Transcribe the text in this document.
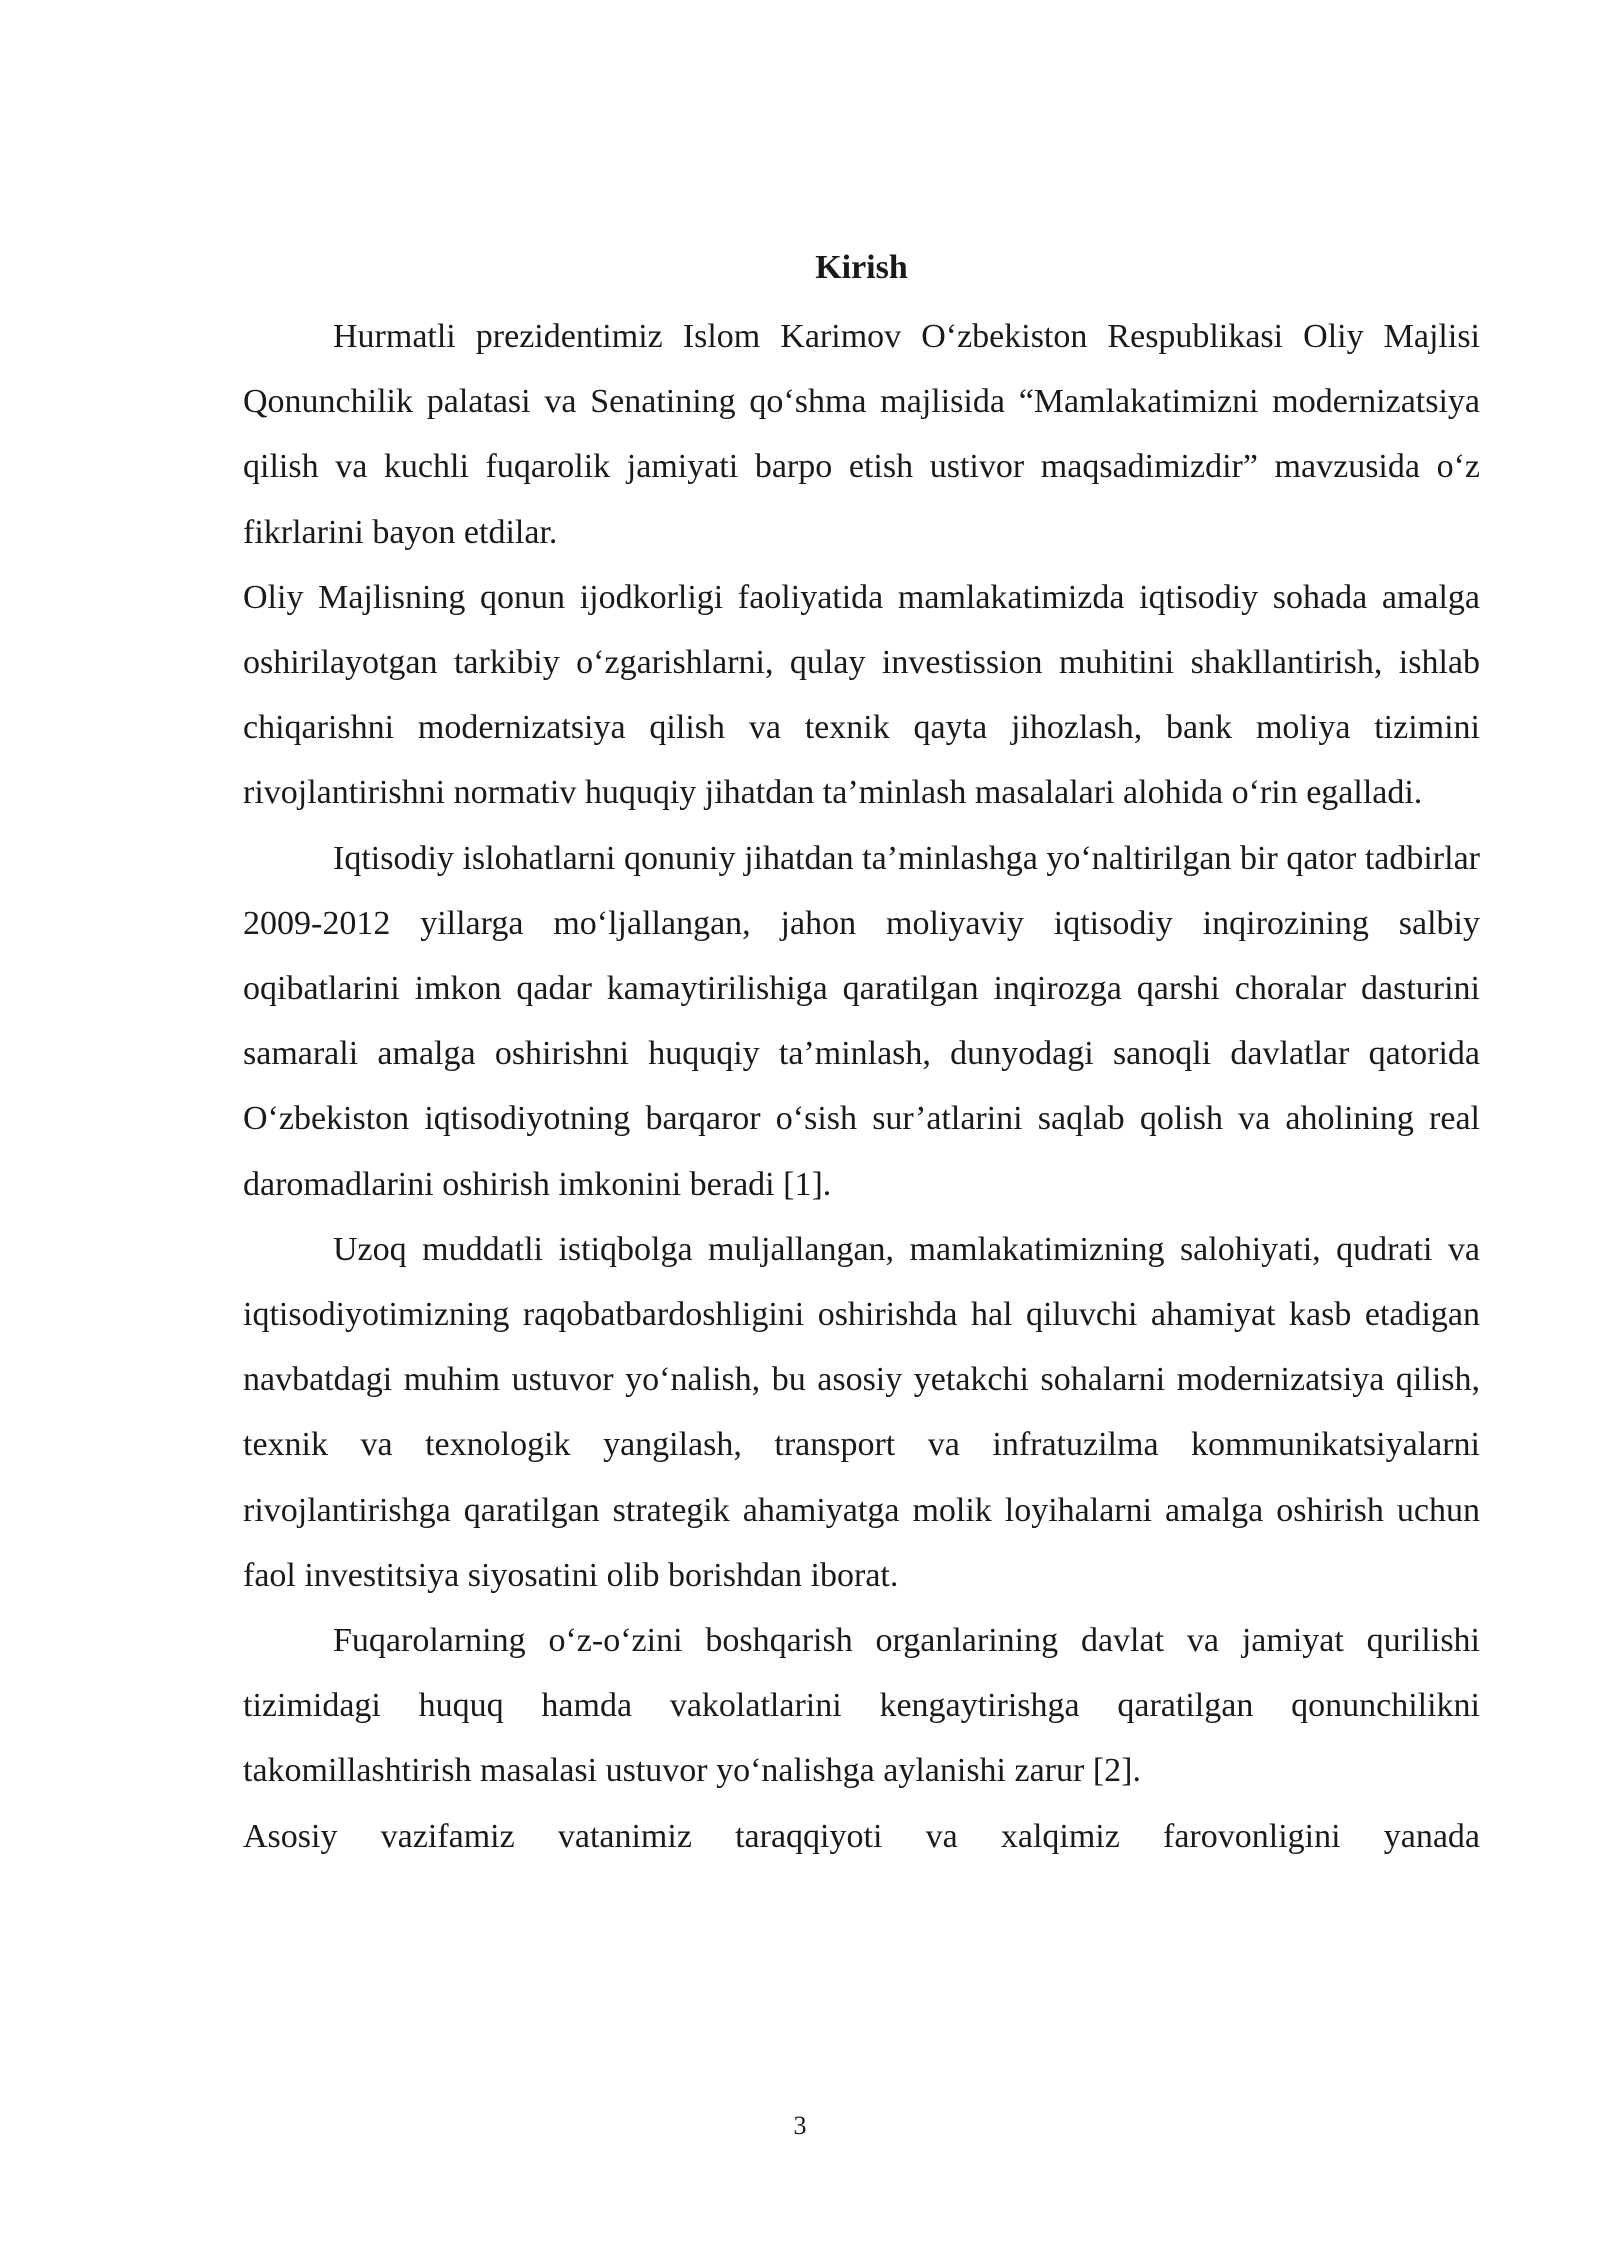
Kirish

Hurmatli prezidentimiz Islom Karimov O‘zbekiston Respublikasi Oliy Majlisi Qonunchilik palatasi va Senatining qo‘shma majlisida “Mamlakatimizni modernizatsiya qilish va kuchli fuqarolik jamiyati barpo etish ustivor maqsadimizdir” mavzusida o‘z fikrlarini bayon etdilar.

Oliy Majlisning qonun ijodkorligi faoliyatida mamlakatimizda iqtisodiy sohada amalga oshirilayotgan tarkibiy o‘zgarishlarni, qulay investission muhitini shakllantirish, ishlab chiqarishni modernizatsiya qilish va texnik qayta jihozlash, bank moliya tizimini rivojlantirishni normativ huquqiy jihatdan ta’minlash masalalari alohida o‘rin egalladi.

Iqtisodiy islohatlarni qonuniy jihatdan ta’minlashga yo‘naltirilgan bir qator tadbirlar 2009-2012 yillarga mo‘ljallangan, jahon moliyaviy iqtisodiy inqirozining salbiy oqibatlarini imkon qadar kamaytirilishiga qaratilgan inqirozga qarshi choralar dasturini samarali amalga oshirishni huquqiy ta’minlash, dunyodagi sanoqli davlatlar qatorida O‘zbekiston iqtisodiyotning barqaror o‘sish sur’atlarini saqlab qolish va aholining real daromadlarini oshirish imkonini beradi [1].

Uzoq muddatli istiqbolga muljallangan, mamlakatimizning salohiyati, qudrati va iqtisodiyotimizning raqobatbardoshligini oshirishda hal qiluvchi ahamiyat kasb etadigan navbatdagi muhim ustuvor yo‘nalish, bu asosiy yetakchi sohalarni modernizatsiya qilish, texnik va texnologik yangilash, transport va infratuzilma kommunikatsiyalarni rivojlantirishga qaratilgan strategik ahamiyatga molik loyihalarni amalga oshirish uchun faol investitsiya siyosatini olib borishdan iborat.

Fuqarolarning o‘z-o‘zini boshqarish organlarining davlat va jamiyat qurilishi tizimidagi huquq hamda vakolatlarini kengaytirishga qaratilgan qonunchilikni takomillashtirish masalasi ustuvor yo‘nalishga aylanishi zarur [2].

Asosiy vazifamiz vatanimiz taraqqiyoti va xalqimiz farovonligini yanada

3
